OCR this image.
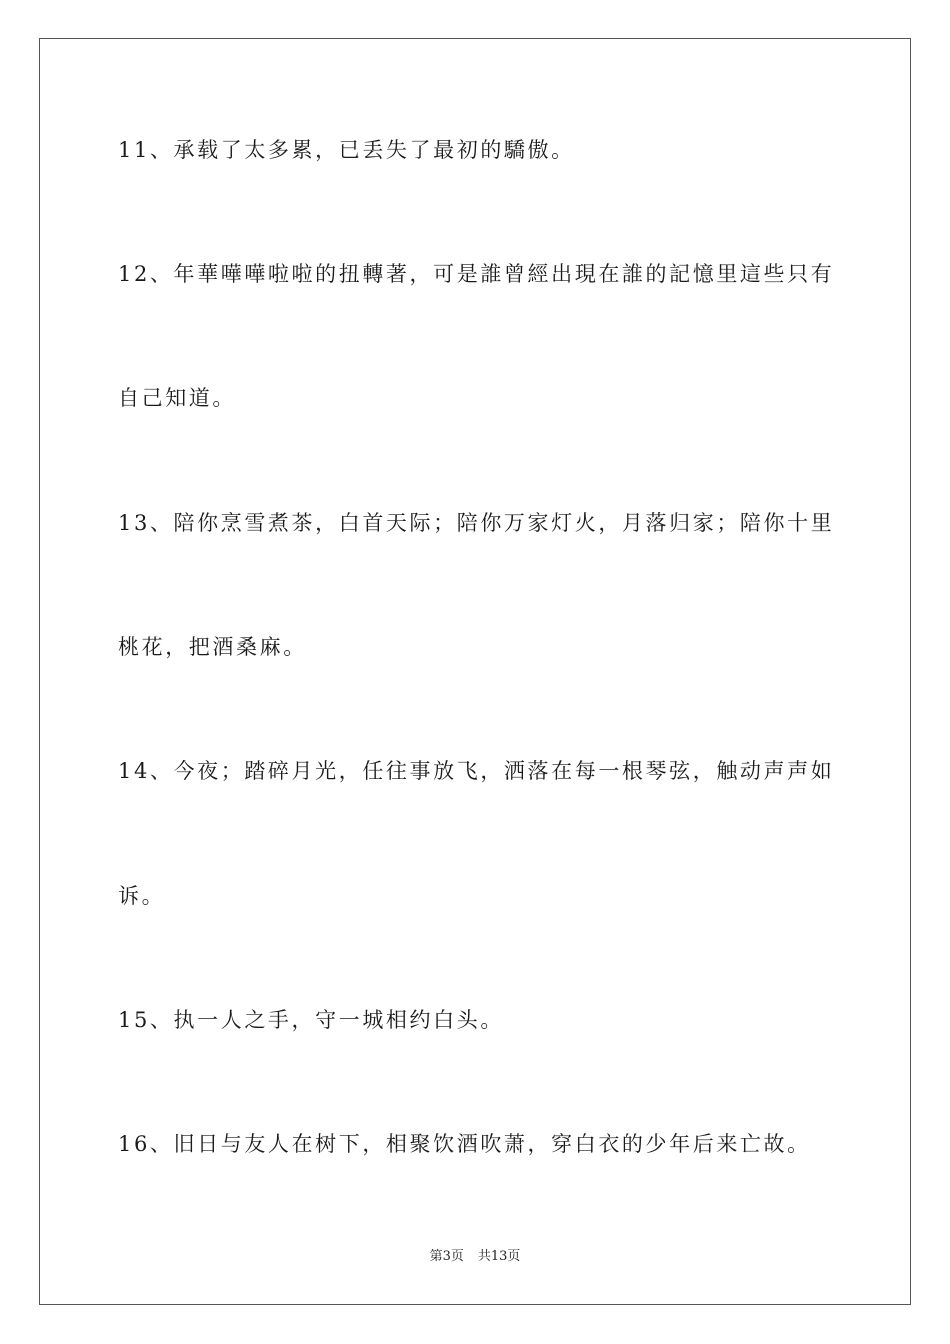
11、承载了太多累，已丢失了最初的驕傲。
12、年華嘩嘩啦啦的扭轉著，可是誰曾經出現在誰的記憶里這些只有
自己知道。
13、陪你烹雪煮茶，白首天际；陪你万家灯火，月落归家；陪你十里
桃花，把酒桑麻。
14、今夜；踏碎月光，任往事放飞，洒落在每一根琴弦，触动声声如
诉。
15、执一人之手，守一城相约白头。
16、旧日与友人在树下，相聚饮酒吹萧，穿白衣的少年后来亡故。
第3页 共13页
